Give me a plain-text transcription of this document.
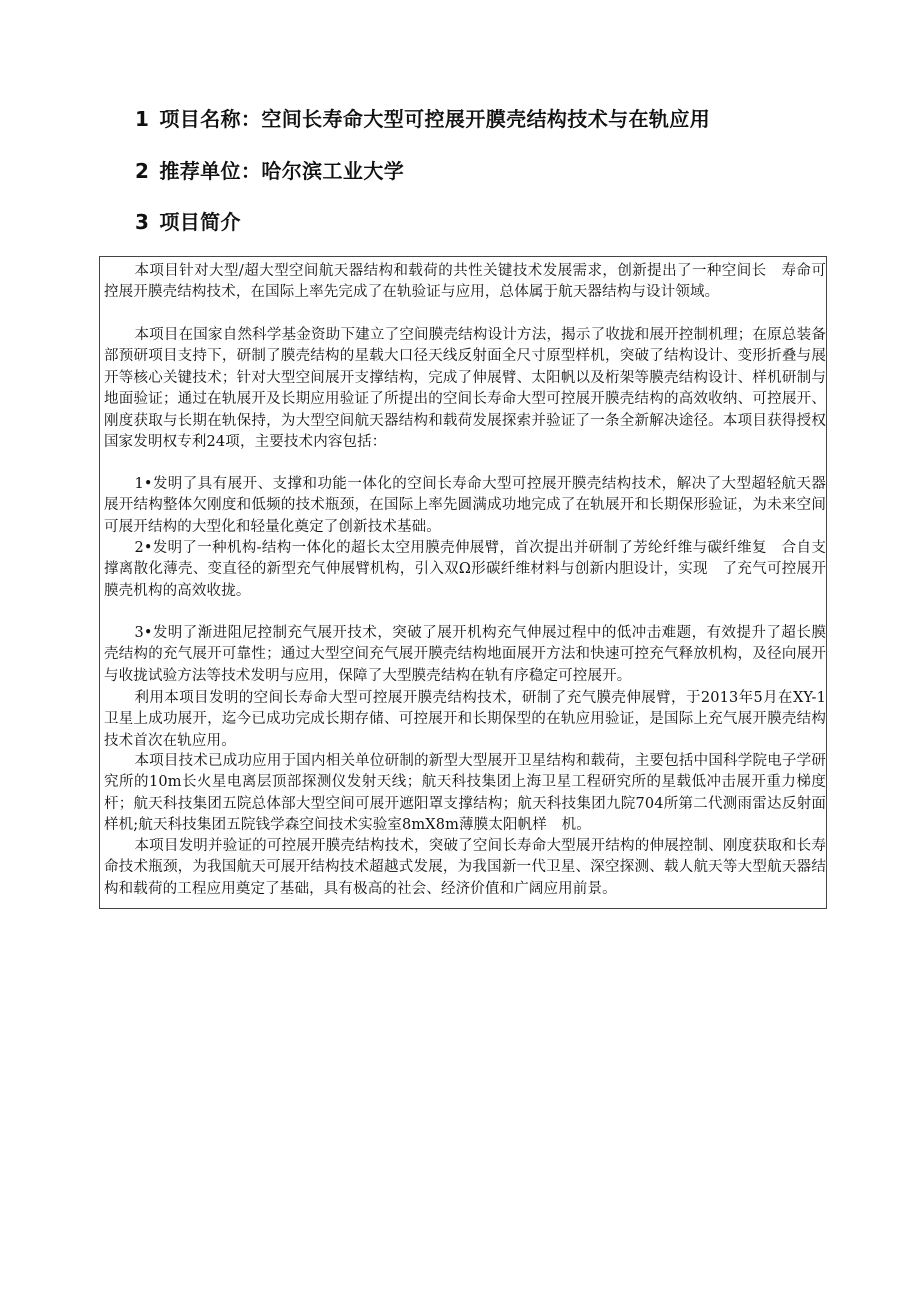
1 项目名称：空间长寿命大型可控展开膜壳结构技术与在轨应用
2 推荐单位：哈尔滨工业大学
3 项目简介

本项目针对大型/超大型空间航天器结构和载荷的共性关键技术发展需求，创新提出了一种空间长　寿命可控展开膜壳结构技术，在国际上率先完成了在轨验证与应用，总体属于航天器结构与设计领域。

本项目在国家自然科学基金资助下建立了空间膜壳结构设计方法，揭示了收拢和展开控制机理；在原总装备部预研项目支持下，研制了膜壳结构的星载大口径天线反射面全尺寸原型样机，突破了结构设计、变形折叠与展开等核心关键技术；针对大型空间展开支撑结构，完成了伸展臂、太阳帆以及桁架等膜壳结构设计、样机研制与地面验证；通过在轨展开及长期应用验证了所提出的空间长寿命大型可控展开膜壳结构的高效收纳、可控展开、刚度获取与长期在轨保持，为大型空间航天器结构和载荷发展探索并验证了一条全新解决途径。本项目获得授权国家发明权专利24项，主要技术内容包括：

1•发明了具有展开、支撑和功能一体化的空间长寿命大型可控展开膜壳结构技术，解决了大型超轻航天器展开结构整体欠刚度和低频的技术瓶颈，在国际上率先圆满成功地完成了在轨展开和长期保形验证，为未来空间可展开结构的大型化和轻量化奠定了创新技术基础。

2•发明了一种机构-结构一体化的超长太空用膜壳伸展臂，首次提出并研制了芳纶纤维与碳纤维复　合自支撑离散化薄壳、变直径的新型充气伸展臂机构，引入双Ω形碳纤维材料与创新内胆设计，实现　了充气可控展开膜壳机构的高效收拢。

3•发明了渐进阻尼控制充气展开技术，突破了展开机构充气伸展过程中的低冲击难题，有效提升了超长膜壳结构的充气展开可靠性；通过大型空间充气展开膜壳结构地面展开方法和快速可控充气释放机构，及径向展开与收拢试验方法等技术发明与应用，保障了大型膜壳结构在轨有序稳定可控展开。

利用本项目发明的空间长寿命大型可控展开膜壳结构技术，研制了充气膜壳伸展臂，于2013年5月在XY-1卫星上成功展开，迄今已成功完成长期存储、可控展开和长期保型的在轨应用验证，是国际上充气展开膜壳结构技术首次在轨应用。

本项目技术已成功应用于国内相关单位研制的新型大型展开卫星结构和载荷，主要包括中国科学院电子学研究所的10m长火星电离层顶部探测仪发射天线；航天科技集团上海卫星工程研究所的星载低冲击展开重力梯度杆；航天科技集团五院总体部大型空间可展开遮阳罩支撑结构；航天科技集团九院704所第二代测雨雷达反射面样机;航天科技集团五院钱学森空间技术实验室8mX8m薄膜太阳帆样　机。

本项目发明并验证的可控展开膜壳结构技术，突破了空间长寿命大型展开结构的伸展控制、刚度获取和长寿命技术瓶颈，为我国航天可展开结构技术超越式发展，为我国新一代卫星、深空探测、载人航天等大型航天器结构和载荷的工程应用奠定了基础，具有极高的社会、经济价值和广阔应用前景。
